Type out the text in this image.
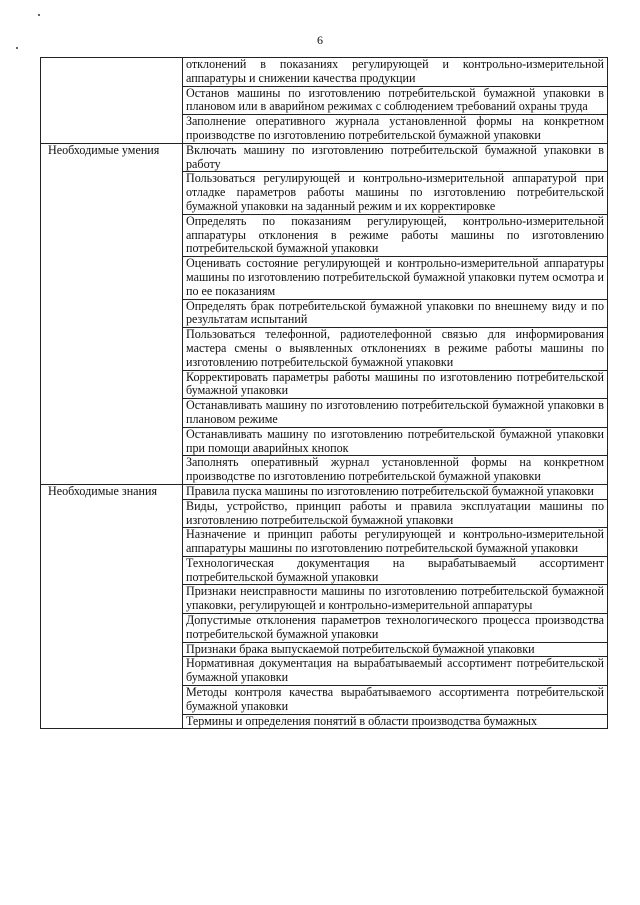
6
	отклонений в показаниях регулирующей и контрольно-измерительной аппаратуры и снижении качества продукции
	Останов машины по изготовлению потребительской бумажной упаковки в плановом или в аварийном режимах с соблюдением требований охраны труда
	Заполнение оперативного журнала установленной формы на конкретном производстве по изготовлению потребительской бумажной упаковки

Необходимые умения	Включать машину по изготовлению потребительской бумажной упаковки в работу
	Пользоваться регулирующей и контрольно-измерительной аппаратурой при отладке параметров работы машины по изготовлению потребительской бумажной упаковки на заданный режим и их корректировке
	Определять по показаниям регулирующей, контрольно-измерительной аппаратуры отклонения в режиме работы машины по изготовлению потребительской бумажной упаковки
	Оценивать состояние регулирующей и контрольно-измерительной аппаратуры машины по изготовлению потребительской бумажной упаковки путем осмотра и по ее показаниям
	Определять брак потребительской бумажной упаковки по внешнему виду и по результатам испытаний
	Пользоваться телефонной, радиотелефонной связью для информирования мастера смены о выявленных отклонениях в режиме работы машины по изготовлению потребительской бумажной упаковки
	Корректировать параметры работы машины по изготовлению потребительской бумажной упаковки
	Останавливать машину по изготовлению потребительской бумажной упаковки в плановом режиме
	Останавливать машину по изготовлению потребительской бумажной упаковки при помощи аварийных кнопок
	Заполнять оперативный журнал установленной формы на конкретном производстве по изготовлению потребительской бумажной упаковки

Необходимые знания	Правила пуска машины по изготовлению потребительской бумажной упаковки
	Виды, устройство, принцип работы и правила эксплуатации машины по изготовлению потребительской бумажной упаковки
	Назначение и принцип работы регулирующей и контрольно-измерительной аппаратуры машины по изготовлению потребительской бумажной упаковки
	Технологическая документация на вырабатываемый ассортимент потребительской бумажной упаковки
	Признаки неисправности машины по изготовлению потребительской бумажной упаковки, регулирующей и контрольно-измерительной аппаратуры
	Допустимые отклонения параметров технологического процесса производства потребительской бумажной упаковки
	Признаки брака выпускаемой потребительской бумажной упаковки
	Нормативная документация на вырабатываемый ассортимент потребительской бумажной упаковки
	Методы контроля качества вырабатываемого ассортимента потребительской бумажной упаковки
	Термины и определения понятий в области производства бумажных
